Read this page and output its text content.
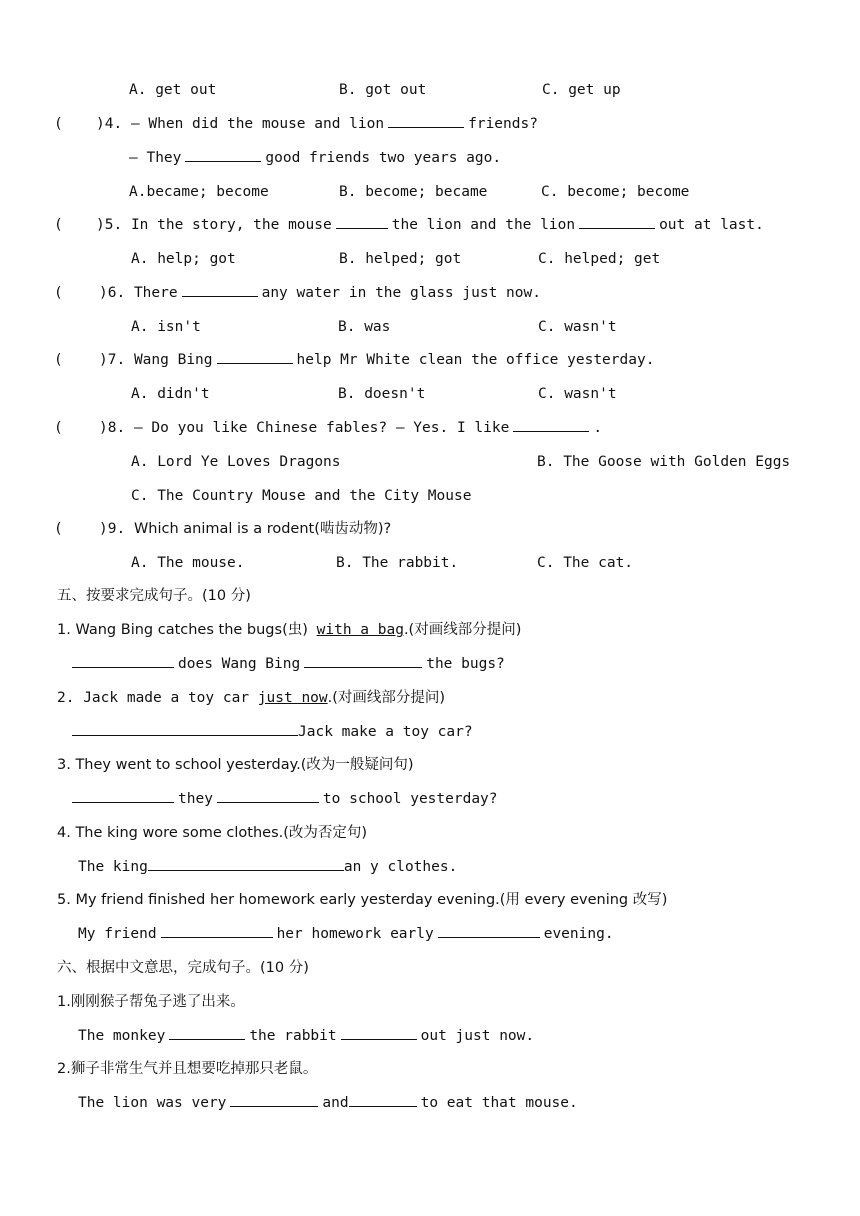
A. get out	B. got out	C. get up
( )4. — When did the mouse and lion	friends?
— They	good friends two years ago.
A.became; become	B. become; became	C. become; become
( )5. In the story, the mouse	the lion and the lion	out at last.
A. help; got	B. helped; got	C. helped; get
(	)6. There	any water in the glass just now.
A. isn't	B. was	C. wasn't
(	)7. Wang Bing	help Mr White clean the office yesterday.
A. didn't	B. doesn't	C. wasn't
(	)8. — Do you like Chinese fables? — Yes. I like	.
A. Lord Ye Loves Dragons	B. The Goose with Golden Eggs
C. The Country Mouse and the City Mouse
(	)9. Which animal is a rodent(啮齿动物)?
A. The mouse.	B. The rabbit.	C. The cat.
五、按要求完成句子。(10 分)
1. Wang Bing catches the bugs(虫) with a bag.(对画线部分提问)
does Wang Bing	the bugs?
2. Jack made a toy car just now.(对画线部分提问)
Jack make a toy car?
3. They went to school yesterday.(改为一般疑问句)
they	to school yesterday?
4. The king wore some clothes.(改为否定句)
The king	an y clothes.
5. My friend finished her homework early yesterday evening.(用 every evening 改写)
My friend	her homework early	evening.
六、根据中文意思，完成句子。(10 分)
1.刚刚猴子帮兔子逃了出来。
The monkey	the rabbit	out just now.
2.狮子非常生气并且想要吃掉那只老鼠。
The lion was very	and	to eat that mouse.
